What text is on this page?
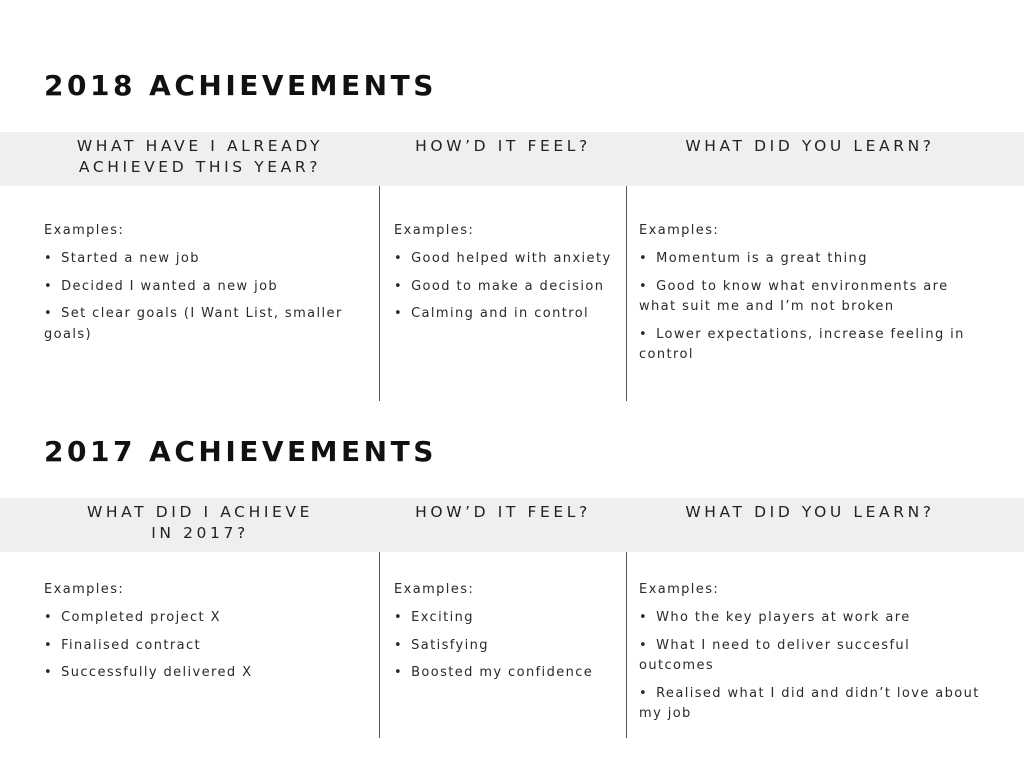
2018 ACHIEVEMENTS
WHAT HAVE I ALREADY
ACHIEVED THIS YEAR?
HOW’D IT FEEL?	WHAT DID YOU LEARN?

Examples:

• Started a new job
• Decided I wanted a new job
• Set clear goals (I Want List, smaller goals)

Examples:

• Good helped with anxiety
• Good to make a decision
• Calming and in control

Examples:

• Momentum is a great thing
• Good to know what environments are what suit me and I’m not broken
• Lower expectations, increase feeling in control
2017 ACHIEVEMENTS
WHAT DID I ACHIEVE
IN 2017?
HOW’D IT FEEL?	WHAT DID YOU LEARN?

Examples:

• Completed project X
• Finalised contract
• Successfully delivered X

Examples:

• Exciting
• Satisfying
• Boosted my confidence

Examples:

• Who the key players at work are
• What I need to deliver succesful outcomes
• Realised what I did and didn’t love about my job
